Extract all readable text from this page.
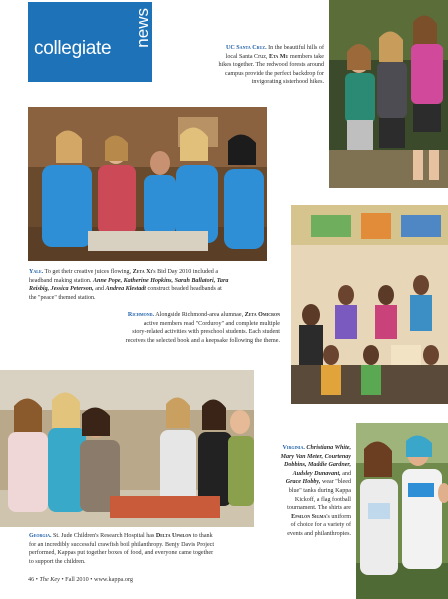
collegiate
news
UC Santa Cruz. In the beautiful hills of
local Santa Cruz, Eta Mu members take
hikes together. The redwood forests around
campus provide the perfect backdrop for
invigorating sisterhood hikes.
Yale. To get their creative juices flowing, Zeta Xi's Bid Day 2010 included a
headband making station. Anne Pope, Katherine Hopkins, Sarah Ballatori, Tara
Reisbig, Jessica Peterson, and Andrea Klestadt construct beaded headbands at
the "peace" themed station.
Richmond. Alongside Richmond-area alumnae, Zeta Omicron
active members read "Corduroy" and complete multiple
story-related activities with preschool students. Each student
receives the selected book and a keepsake following the theme.
Georgia. St. Jude Children's Research Hospital has Delta Upsilon to thank
for an incredibly successful crawfish boil philanthropy. Benjy Davis Project
performed, Kappas put together boxes of food, and everyone came together
to support the children.
Virginia. Christiana White,
Mary Van Meter, Courtenay
Dobbins, Maddie Gardner,
Audsley Dunavant, and
Grace Hobby, wear "bleed
blue" tanks during Kappa
Kickoff, a flag football
tournament. The shirts are
Epsilon Sigma's uniform
of choice for a variety of
events and philanthropies.
46 • The Key • Fall 2010 • www.kappa.org
